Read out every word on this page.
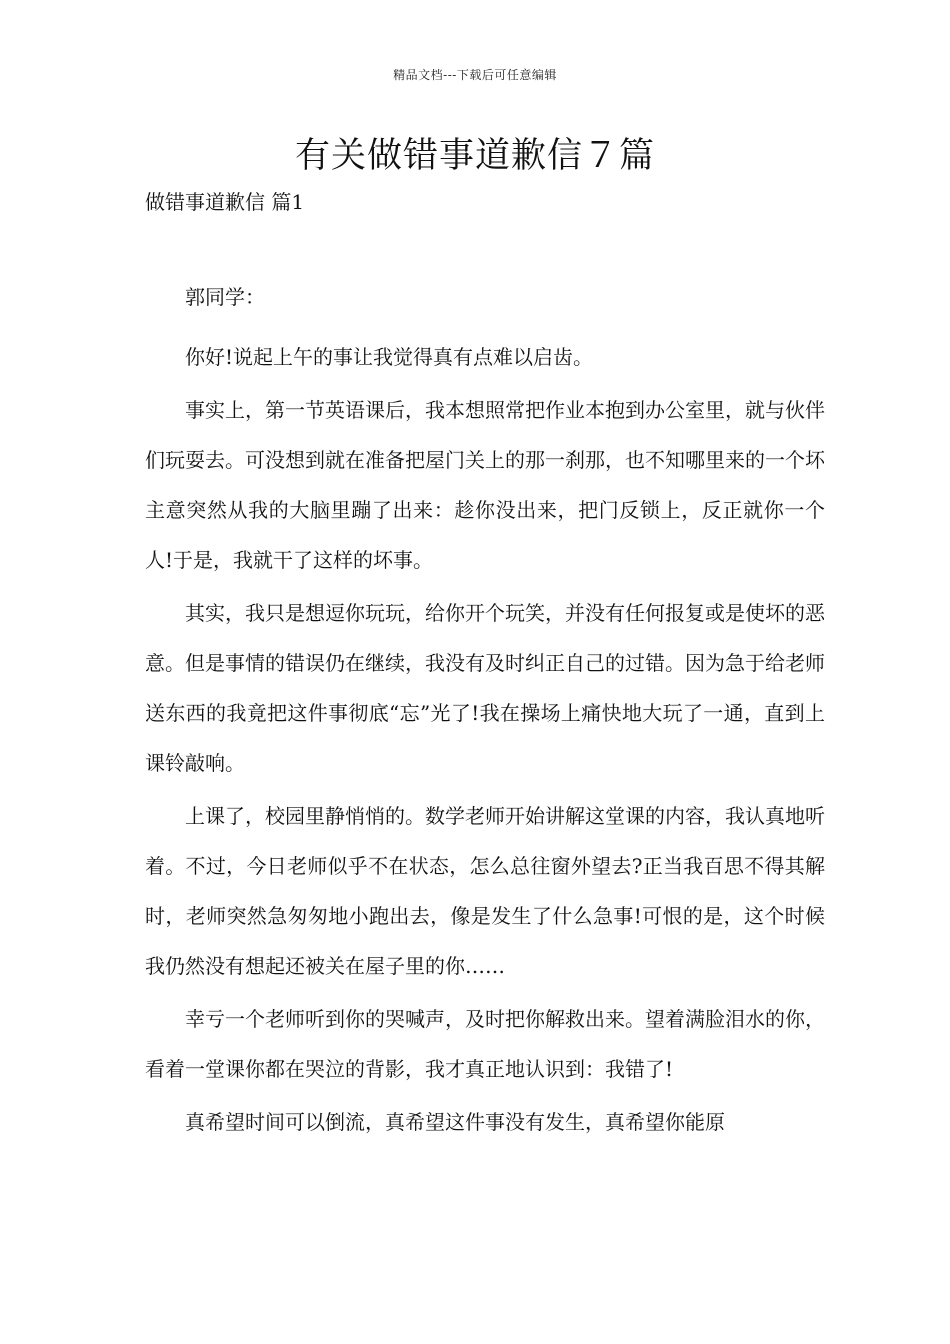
精品文档---下载后可任意编辑
有关做错事道歉信７篇
做错事道歉信 篇1

郭同学：

你好!说起上午的事让我觉得真有点难以启齿。

事实上，第一节英语课后，我本想照常把作业本抱到办公室里，就与伙伴们玩耍去。可没想到就在准备把屋门关上的那一刹那，也不知哪里来的一个坏主意突然从我的大脑里蹦了出来：趁你没出来，把门反锁上，反正就你一个人!于是，我就干了这样的坏事。

其实，我只是想逗你玩玩，给你开个玩笑，并没有任何报复或是使坏的恶意。但是事情的错误仍在继续，我没有及时纠正自己的过错。因为急于给老师送东西的我竟把这件事彻底“忘”光了!我在操场上痛快地大玩了一通，直到上课铃敲响。

上课了，校园里静悄悄的。数学老师开始讲解这堂课的内容，我认真地听着。不过，今日老师似乎不在状态，怎么总往窗外望去?正当我百思不得其解时，老师突然急匆匆地小跑出去，像是发生了什么急事!可恨的是，这个时候我仍然没有想起还被关在屋子里的你……

幸亏一个老师听到你的哭喊声，及时把你解救出来。望着满脸泪水的你，看着一堂课你都在哭泣的背影，我才真正地认识到：我错了!

真希望时间可以倒流，真希望这件事没有发生，真希望你能原
